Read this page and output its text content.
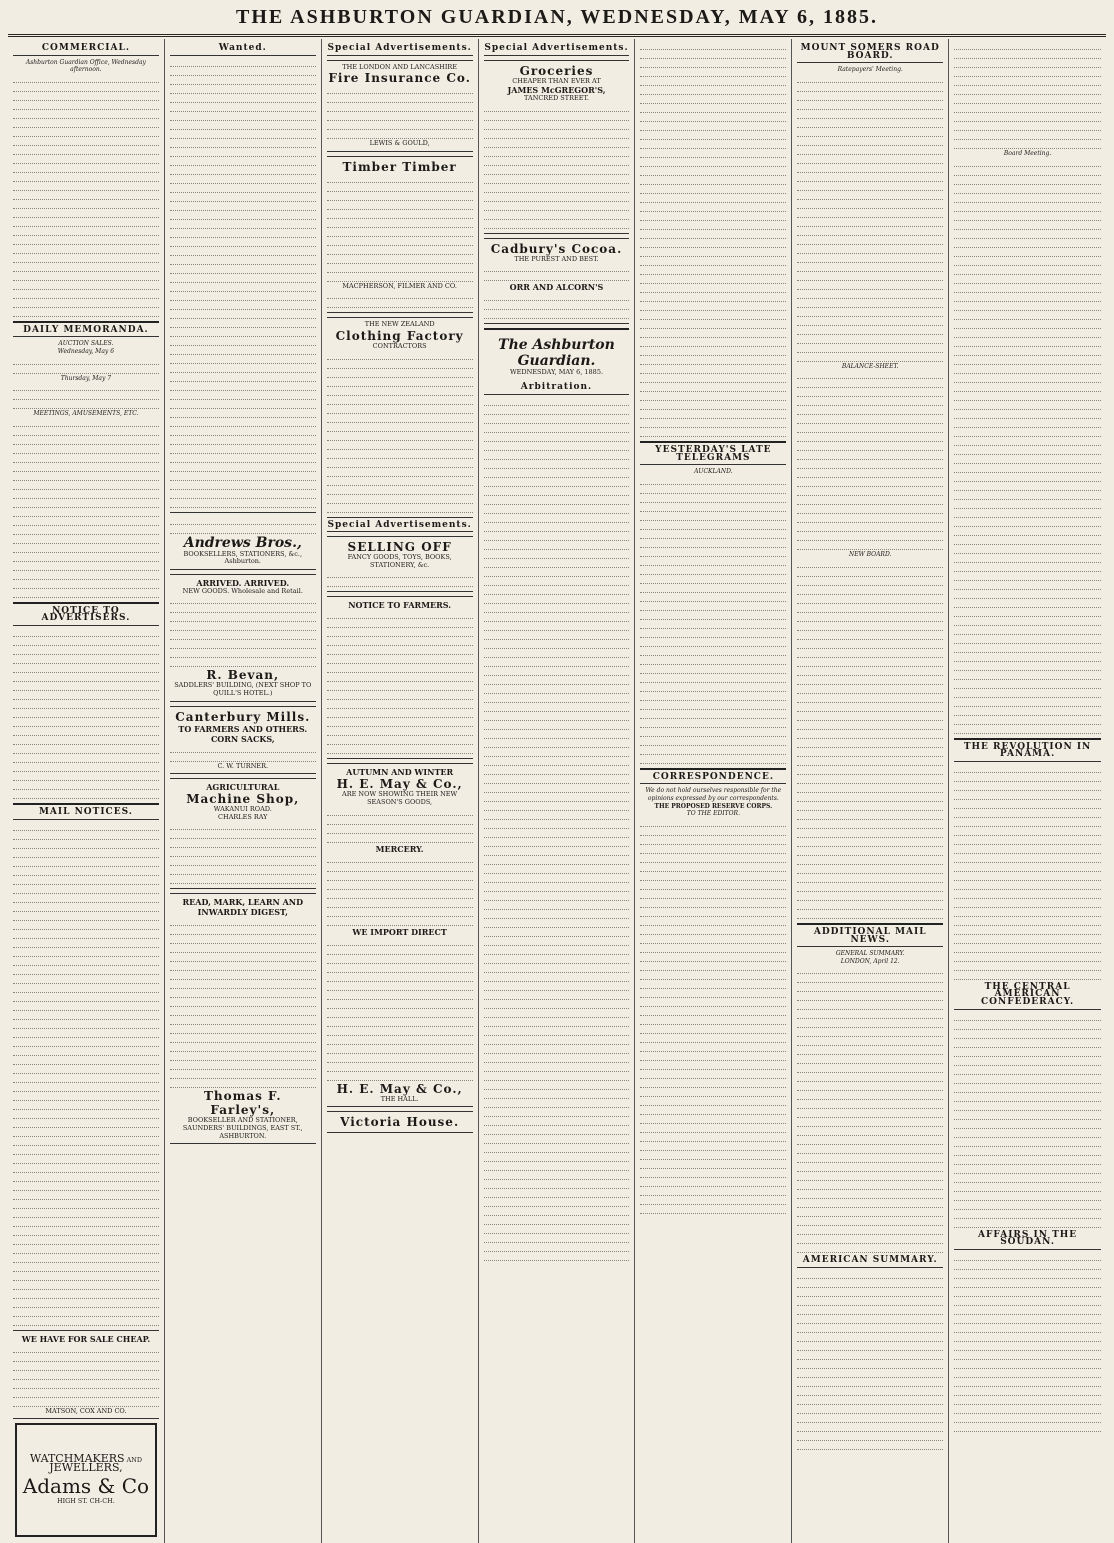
THE ASHBURTON GUARDIAN, WEDNESDAY, MAY 6, 1885.
COMMERCIAL.
Ashburton Guardian Office, Wednesday afternoon.
DAILY MEMORANDA.
AUCTION SALES.
Wednesday, May 6
Thursday, May 7
MEETINGS, AMUSEMENTS, ETC.
NOTICE TO ADVERTISERS.
MAIL NOTICES.
WE HAVE FOR SALE CHEAP.
MATSON, COX AND CO.
WATCHMAKERS AND JEWELLERS, Adams & Co HIGH ST. CH-CH.
Wanted.
Andrews Bros.,
BOOKSELLERS, STATIONERS, &c., Ashburton.
ARRIVED. ARRIVED.
NEW GOODS. Wholesale and Retail.
R. Bevan,
SADDLERS' BUILDING, (NEXT SHOP TO QUILL'S HOTEL.)
Canterbury Mills.
TO FARMERS AND OTHERS.
CORN SACKS,
C. W. TURNER.
AGRICULTURAL
Machine Shop,
WAKANUI ROAD.
CHARLES RAY
READ, MARK, LEARN AND INWARDLY DIGEST,
Thomas F. Farley's,
BOOKSELLER AND STATIONER, SAUNDERS' BUILDINGS, EAST ST., ASHBURTON.
Special Advertisements.
THE LONDON AND LANCASHIRE
Fire Insurance Co.
LEWIS & GOULD,
Timber Timber
MACPHERSON, FILMER AND CO.
THE NEW ZEALAND
Clothing Factory
CONTRACTORS
Special Advertisements.
SELLING OFF
FANCY GOODS, TOYS, BOOKS, STATIONERY, &c.
NOTICE TO FARMERS.
AUTUMN AND WINTER
H. E. May & Co.,
ARE NOW SHOWING THEIR NEW SEASON'S GOODS,
MERCERY.
WE IMPORT DIRECT
H. E. May & Co.,
THE HALL.
Victoria House.
Special Advertisements.
Groceries
CHEAPER THAN EVER AT
JAMES McGREGOR'S,
TANCRED STREET.
Cadbury's Cocoa.
THE PUREST AND BEST.
ORR AND ALCORN'S
The Ashburton Guardian.
WEDNESDAY, MAY 6, 1885.
Arbitration.
YESTERDAY'S LATE TELEGRAMS
AUCKLAND.
CORRESPONDENCE.
We do not hold ourselves responsible for the opinions expressed by our correspondents.
THE PROPOSED RESERVE CORPS.
TO THE EDITOR.
MOUNT SOMERS ROAD BOARD.
Ratepayers' Meeting.
BALANCE-SHEET.
NEW BOARD.
ADDITIONAL MAIL NEWS.
GENERAL SUMMARY.
LONDON, April 12.
AMERICAN SUMMARY.
Board Meeting.
THE REVOLUTION IN PANAMA.
THE CENTRAL AMERICAN CONFEDERACY.
AFFAIRS IN THE SOUDAN.
